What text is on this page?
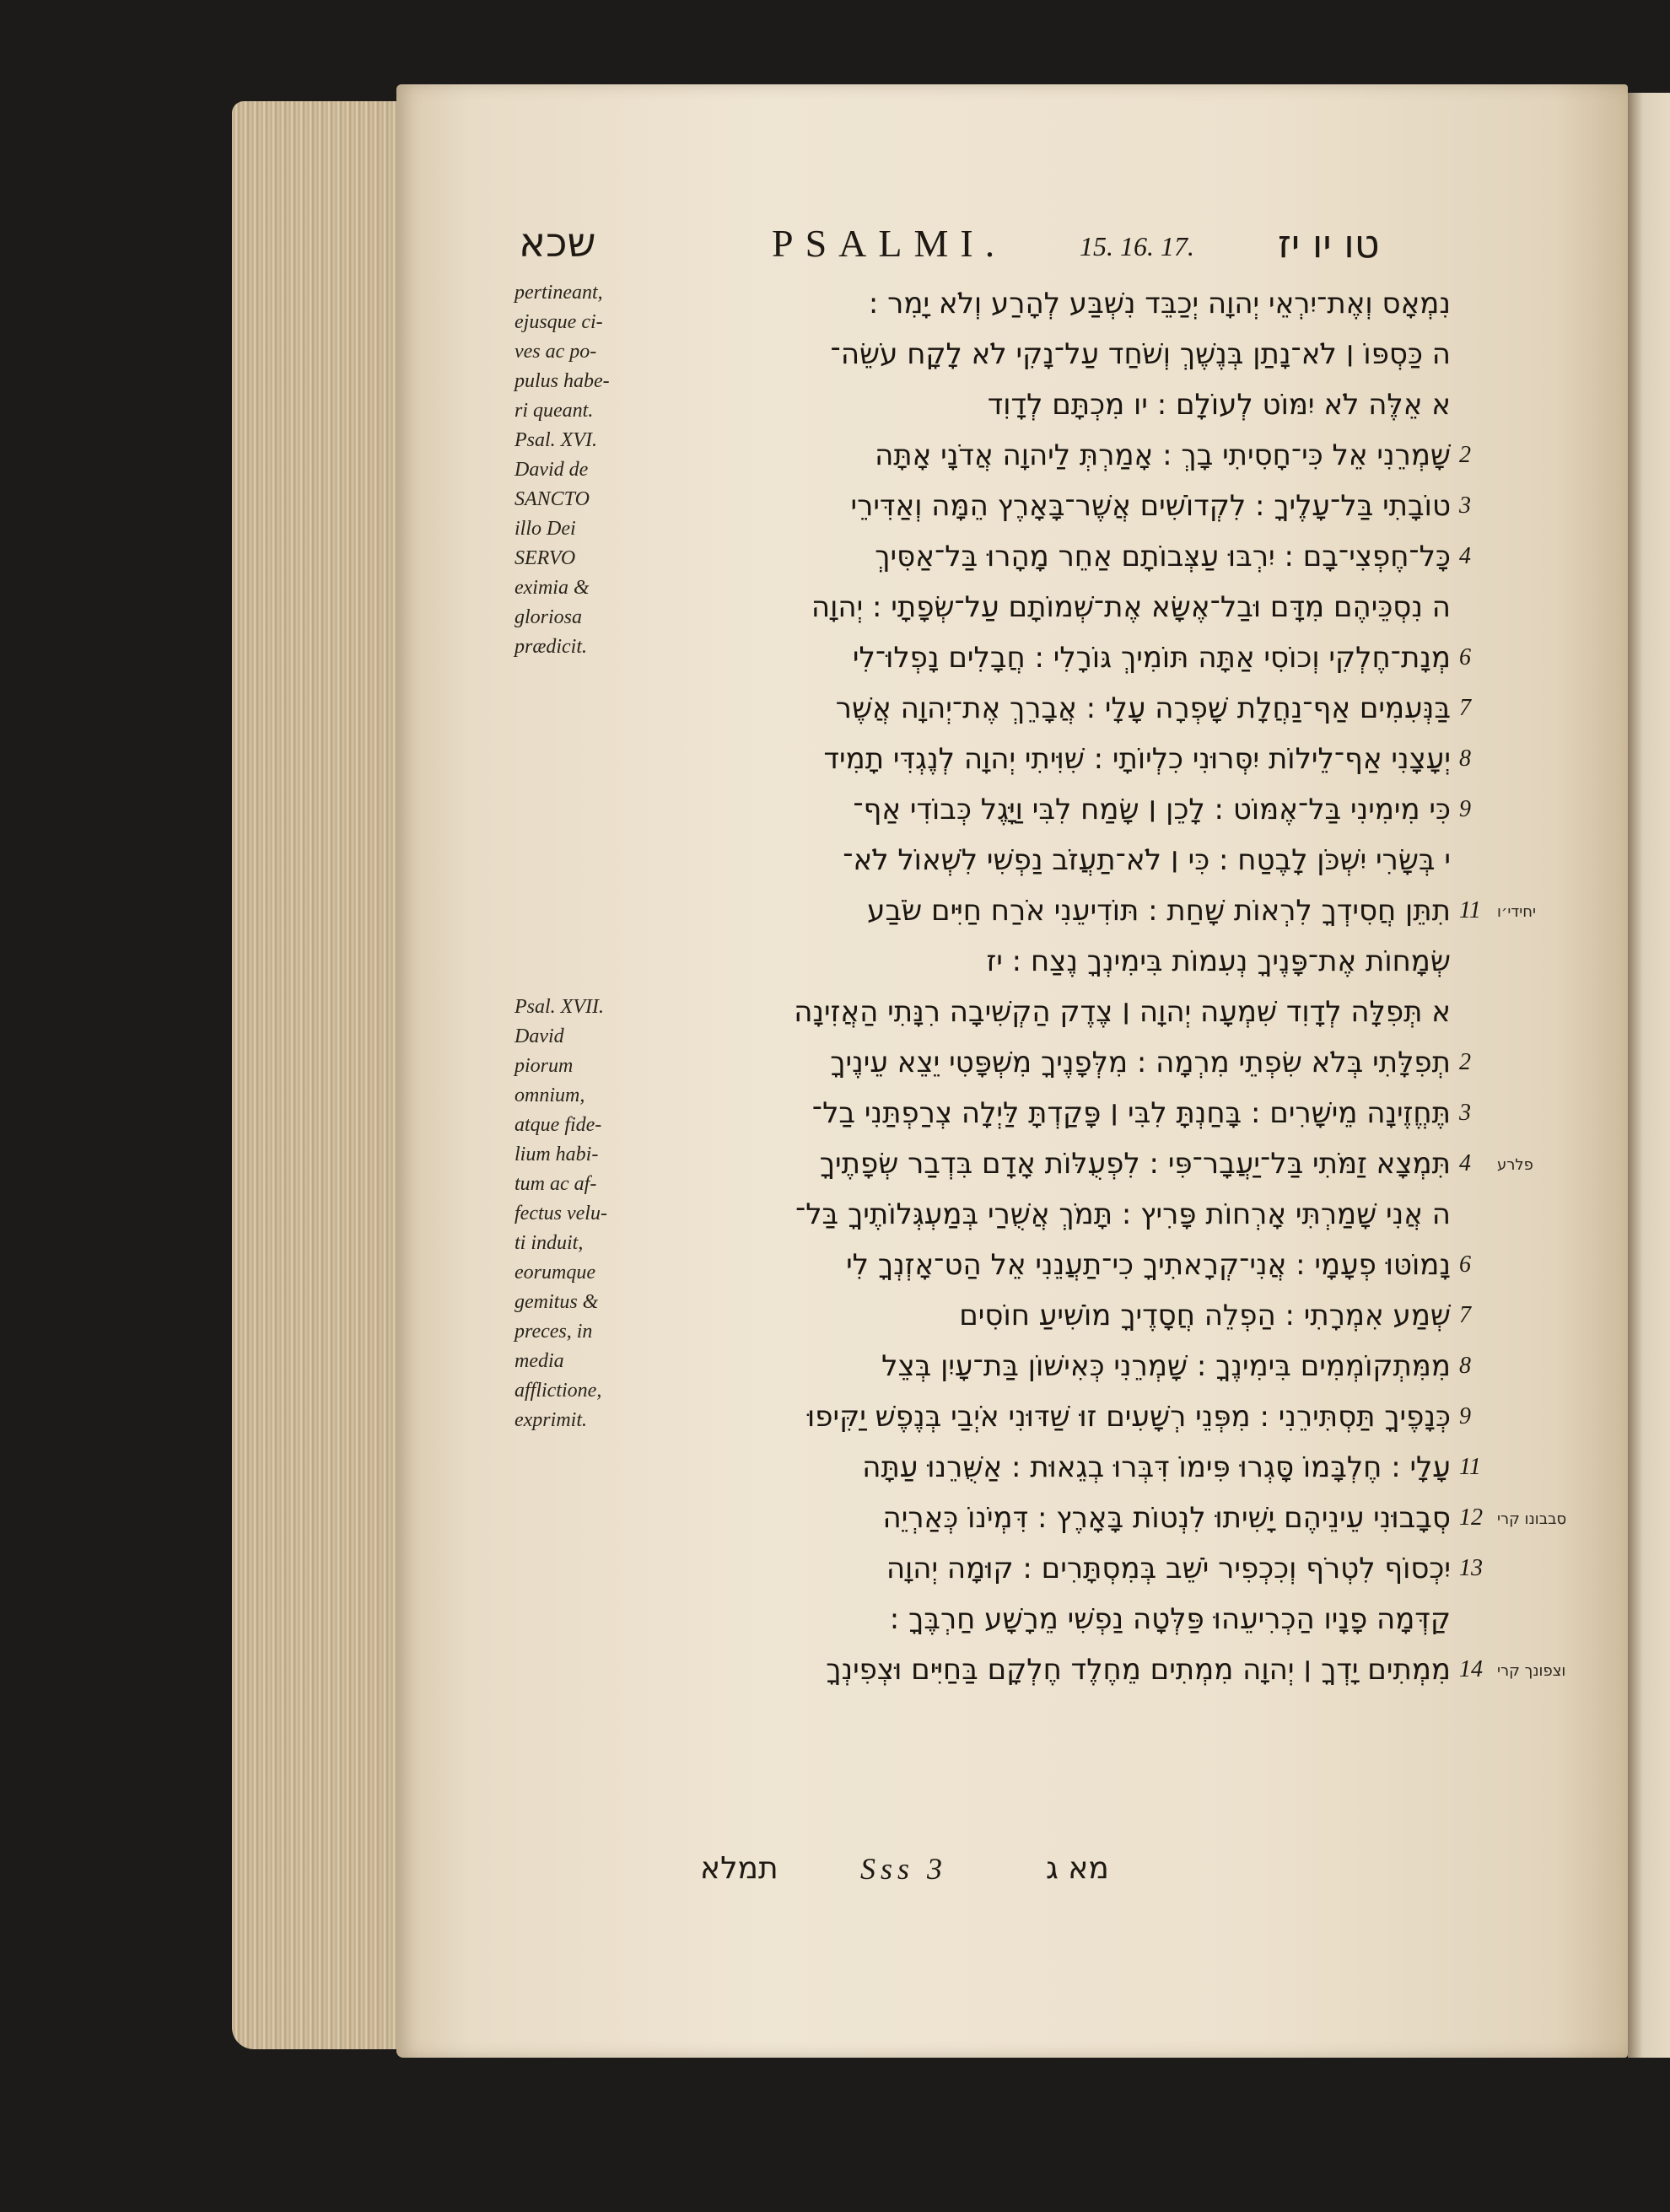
שכא	PSALMI.	15. 16. 17. טו יו יז
pertineant,
ejusque ci-
ves ac po-
pulus habe-
ri queant.
Psal. XVI.
David de
SANCTO
illo Dei
SERVO
eximia &
gloriosa
prædicit.
Psal. XVII.
David
piorum
omnium,
atque fide-
lium habi-
tum ac af-
fectus velu-
ti induit,
eorumque
gemitus &
preces, in
media
afflictione,
exprimit.
נִמְאָס וְאֶת־יִרְאֵי יְהוָה יְכַבֵּד נִשְׁבַּע לְהָרַע וְלֹא יָמִר :
ה כַּסְפּוֹ ׀ לֹא־נָתַן בְּנֶשֶׁךְ וְשֹׁחַד עַל־נָקִי לֹא לָקָח עֹשֵׂה־
א אֵלֶּה לֹא יִמּוֹט לְעוֹלָם : יו מִכְתָּם לְדָוִד
שָׁמְרֵנִי אֵל כִּי־חָסִיתִי בָךְ : אָמַרְתְּ לַיהוָה אֲדֹנָי אָתָּה 2
טוֹבָתִי בַּל־עָלֶיךָ : לִקְדוֹשִׁים אֲשֶׁר־בָּאָרֶץ הֵמָּה וְאַדִּירֵי 3
כָּל־חֶפְצִי־בָם : יִרְבּוּ עַצְּבוֹתָם אַחֵר מָהָרוּ בַּל־אַסִּיךְ 4
ה נִסְכֵּיהֶם מִדָּם וּבַל־אֶשָּׂא אֶת־שְׁמוֹתָם עַל־שְׂפָתָי : יְהוָה
מְנָת־חֶלְקִי וְכוֹסִי אַתָּה תּוֹמִיךְ גּוֹרָלִי : חֲבָלִים נָפְלוּ־לִי 6
בַּנְּעִמִים אַף־נַחֲלָת שָׁפְרָה עָלָי : אֲבָרֵךְ אֶת־יְהוָה אֲשֶׁר 7
יְעָצָנִי אַף־לֵילוֹת יִסְּרוּנִי כִלְיוֹתָי : שִׁוִּיתִי יְהוָה לְנֶגְדִּי תָמִיד 8
כִּי מִימִינִי בַּל־אֶמּוֹט : לָכֵן ׀ שָׂמַח לִבִּי וַיָּגֶל כְּבוֹדִי אַף־ 9
י בְּשָׂרִי יִשְׁכֹּן לָבֶטַח : כִּי ׀ לֹא־תַעֲזֹב נַפְשִׁי לִשְׁאוֹל לֹא־
תִתֵּן חֲסִידְךָ לִרְאוֹת שָׁחַת : תּוֹדִיעֵנִי אֹרַח חַיִּים שֹׂבַע 11 יחידי׳ו
שְׂמָחוֹת אֶת־פָּנֶיךָ נְעִמוֹת בִּימִינְךָ נֶצַח : יז
א תְּפִלָּה לְדָוִד שִׁמְעָה יְהוָה ׀ צֶדֶק הַקְשִׁיבָה רִנָּתִי הַאֲזִינָה
תְפִלָּתִי בְּלֹא שִׂפְתֵי מִרְמָה : מִלְּפָנֶיךָ מִשְׁפָּטִי יֵצֵא עֵינֶיךָ 2
תֶּחֱזֶינָה מֵישָׁרִים : בָּחַנְתָּ לִבִּי ׀ פָּקַדְתָּ לַּיְלָה צְרַפְתַּנִי בַל־ 3
תִּמְצָא זַמֹּתִי בַּל־יַעֲבָר־פִּי : לִפְעֻלּוֹת אָדָם בִּדְבַר שְׂפָתֶיךָ 4 פלרע
ה אֲנִי שָׁמַרְתִּי אָרְחוֹת פָּרִיץ : תָּמֹךְ אֲשֻׁרַי בְּמַעְגְּלוֹתֶיךָ בַּל־
נָמוֹטּוּ פְעָמָי : אֲנִי־קְרָאתִיךָ כִי־תַעֲנֵנִי אֵל הַט־אָזְנְךָ לִי 6
שְׁמַע אִמְרָתִי : הַפְלֵה חֲסָדֶיךָ מוֹשִׁיעַ חוֹסִים 7
מִמִּתְקוֹמְמִים בִּימִינֶךָ : שָׁמְרֵנִי כְּאִישׁוֹן בַּת־עָיִן בְּצֵל 8
כְּנָפֶיךָ תַּסְתִּירֵנִי : מִפְּנֵי רְשָׁעִים זוּ שַׁדּוּנִי אֹיְבַי בְּנֶפֶשׁ יַקִּיפוּ 9
עָלָי : חֶלְבָּמוֹ סָּגְרוּ פִּימוֹ דִּבְּרוּ בְגֵאוּת : אַשֻּׁרֵנוּ עַתָּה 11
סְבָבוּנִי עֵינֵיהֶם יָשִׁיתוּ לִנְטוֹת בָּאָרֶץ : דִּמְיֹנוֹ כְּאַרְיֵה 12 סבבונו קרי
יִכְסוֹף לִטְרֹף וְכִכְפִיר יֹשֵׁב בְּמִסְתָּרִים : קוּמָה יְהוָה 13
קַדְּמָה פָנָיו הַכְרִיעֵהוּ פַּלְּטָה נַפְשִׁי מֵרָשָׁע חַרְבֶּךָ :
מִמְתִים יָדְךָ ׀ יְהוָה מִמְתִים מֵחֶלֶד חֶלְקָם בַּחַיִּים וּצְפִינְךָ 14 וצפונך קרי
תמלא	Sss 3	מא ג
